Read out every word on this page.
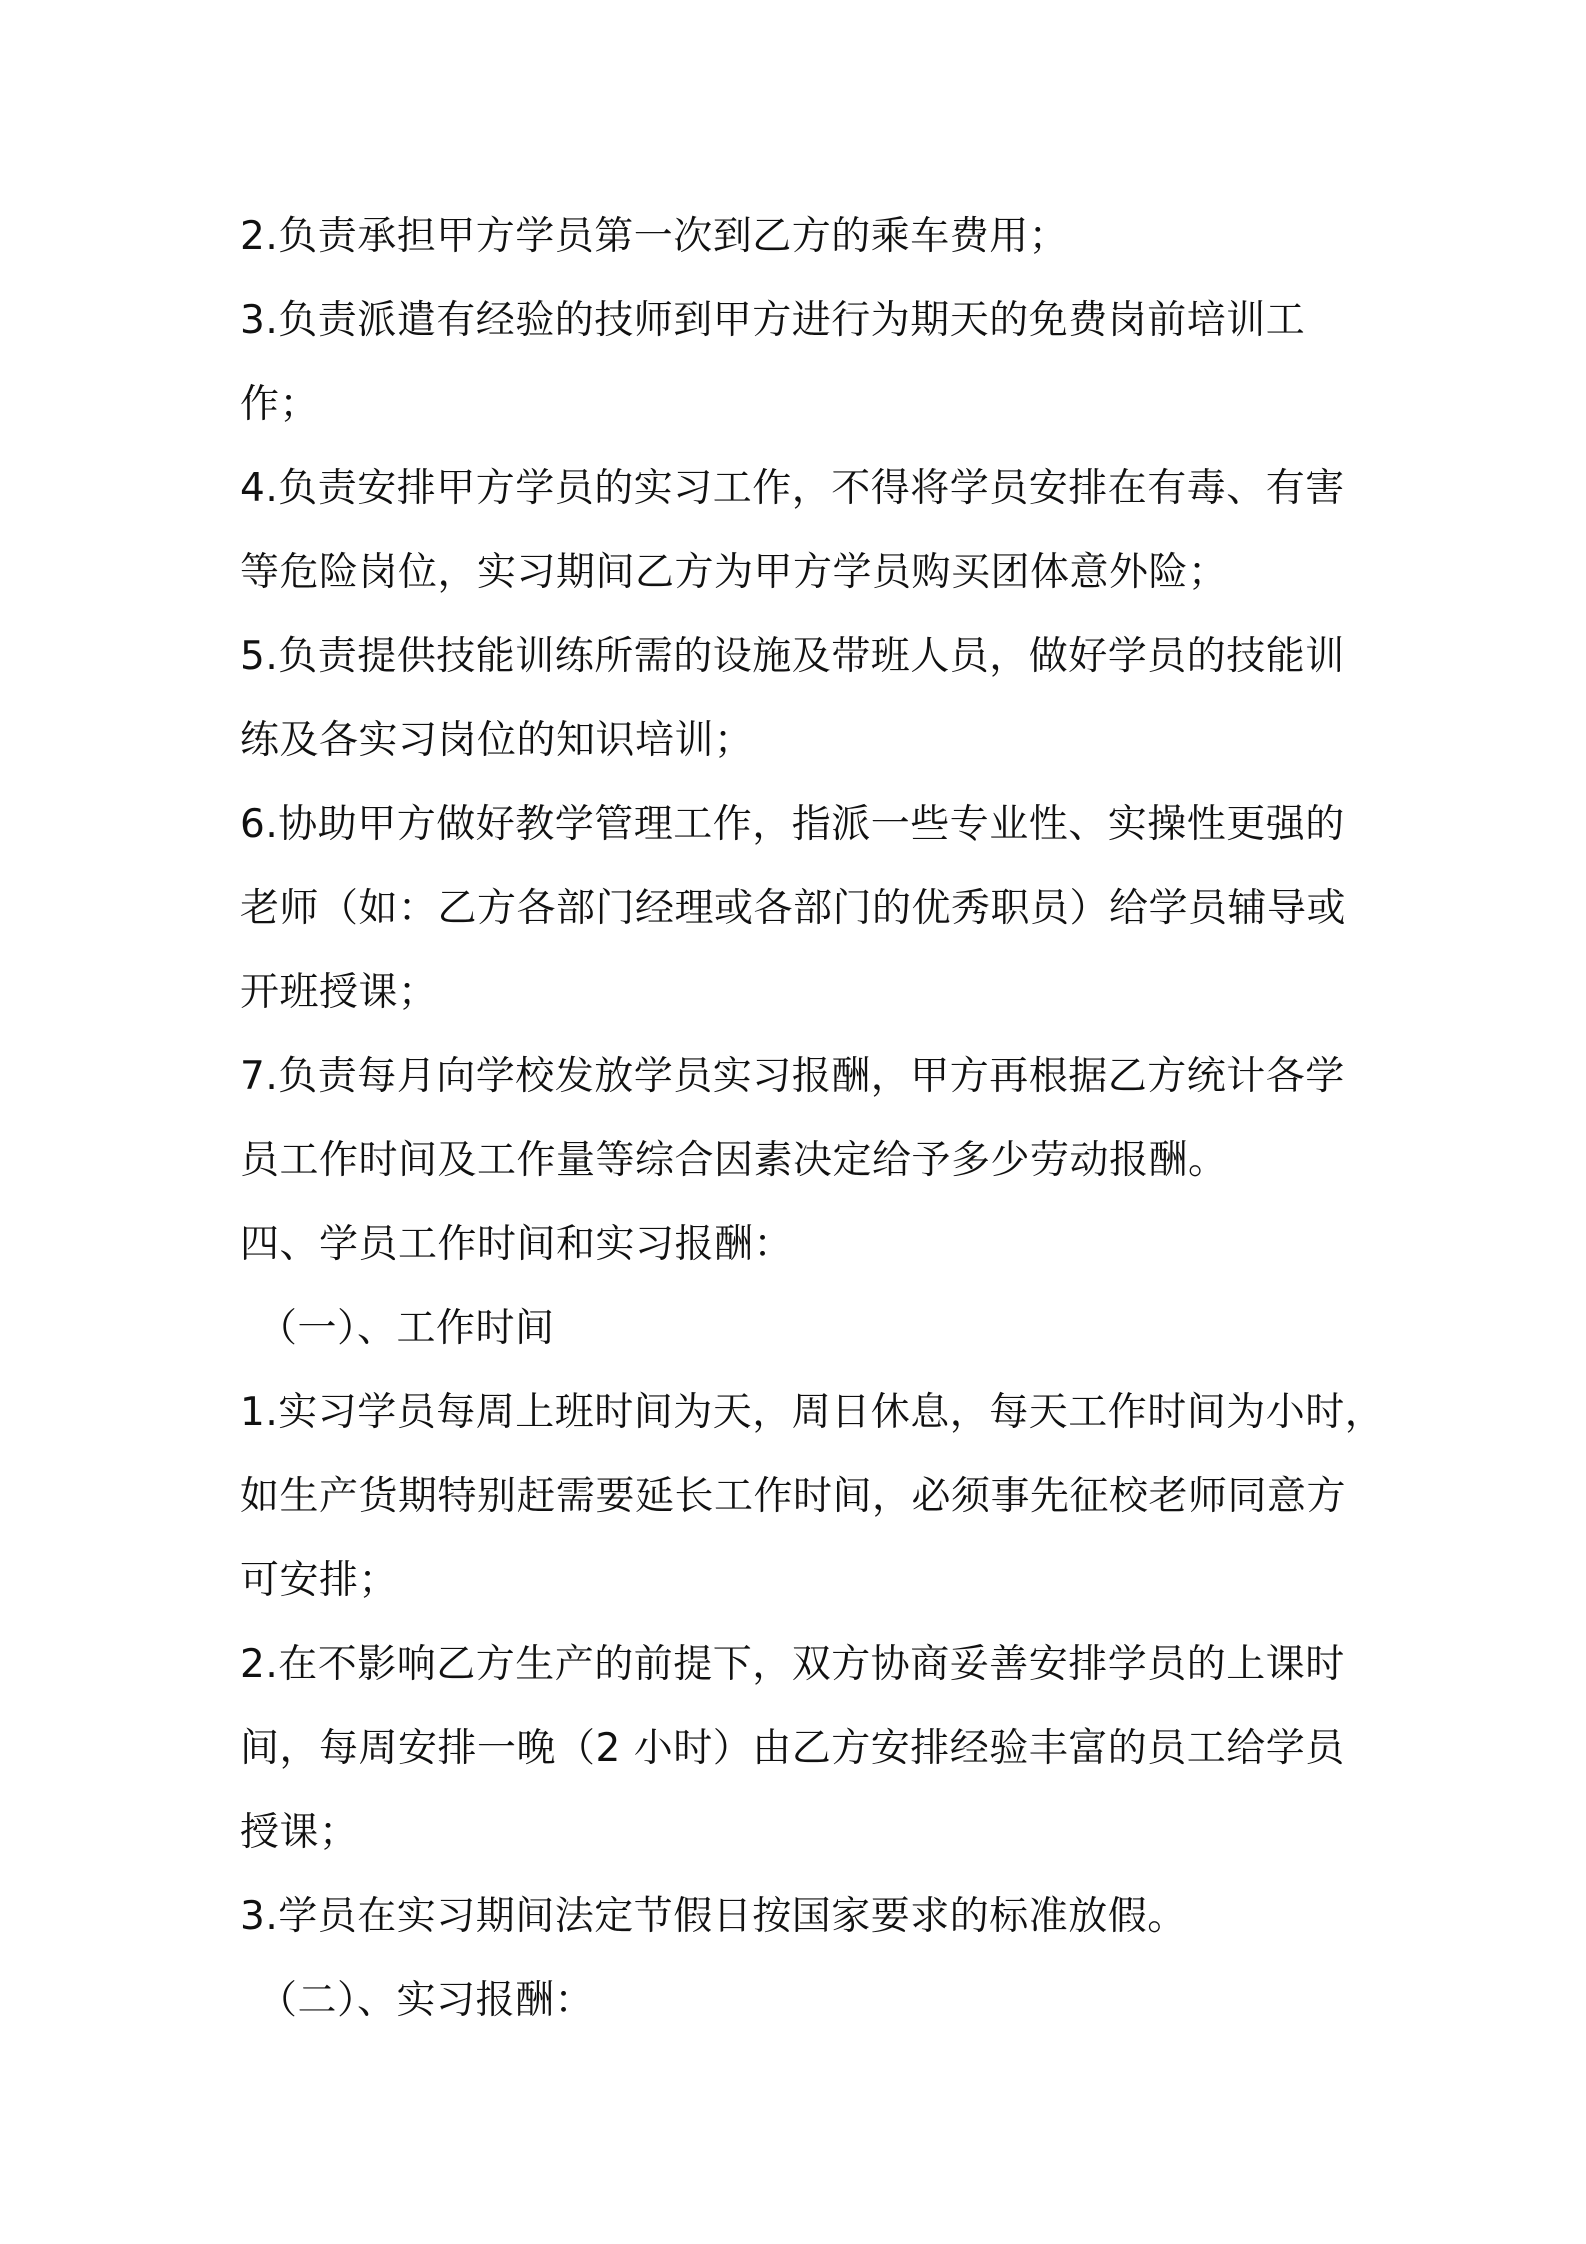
2.负责承担甲方学员第一次到乙方的乘车费用；

3.负责派遣有经验的技师到甲方进行为期天的免费岗前培训工

作；

4.负责安排甲方学员的实习工作，不得将学员安排在有毒、有害

等危险岗位，实习期间乙方为甲方学员购买团体意外险；

5.负责提供技能训练所需的设施及带班人员，做好学员的技能训

练及各实习岗位的知识培训；

6.协助甲方做好教学管理工作，指派一些专业性、实操性更强的

老师（如：乙方各部门经理或各部门的优秀职员）给学员辅导或

开班授课；

7.负责每月向学校发放学员实习报酬，甲方再根据乙方统计各学

员工作时间及工作量等综合因素决定给予多少劳动报酬。

四、学员工作时间和实习报酬：

（一）、工作时间

1.实习学员每周上班时间为天，周日休息，每天工作时间为小时，

如生产货期特别赶需要延长工作时间，必须事先征校老师同意方

可安排；

2.在不影响乙方生产的前提下，双方协商妥善安排学员的上课时

间，每周安排一晚（2 小时）由乙方安排经验丰富的员工给学员

授课；

3.学员在实习期间法定节假日按国家要求的标准放假。

（二）、实习报酬：
